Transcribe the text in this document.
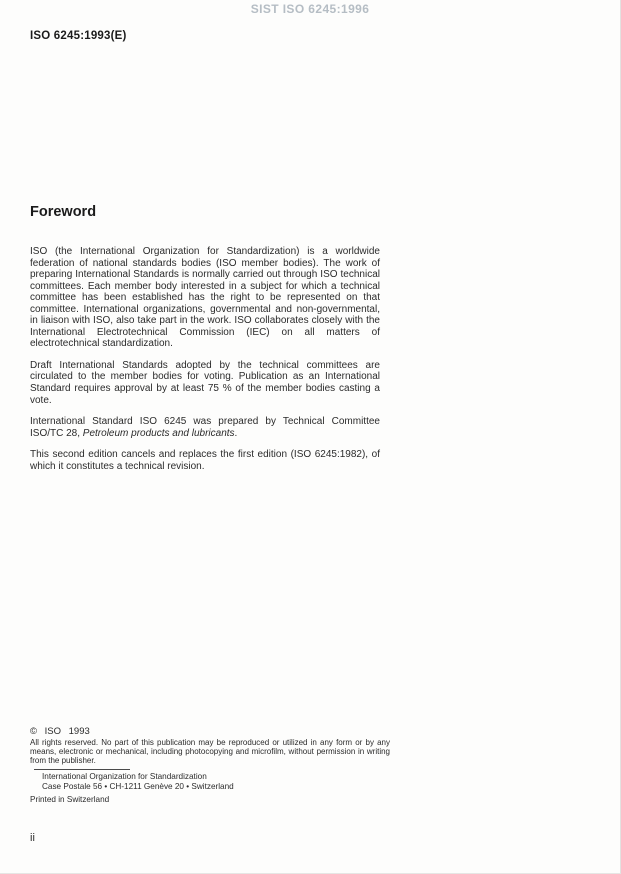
SIST ISO 6245:1996
ISO 6245:1993(E)
Foreword

ISO (the International Organization for Standardization) is a worldwide federation of national standards bodies (ISO member bodies). The work of preparing International Standards is normally carried out through ISO technical committees. Each member body interested in a subject for which a technical committee has been established has the right to be represented on that committee. International organizations, governmental and non-governmental, in liaison with ISO, also take part in the work. ISO collaborates closely with the International Electrotechnical Commission (IEC) on all matters of electrotechnical standardization.

Draft International Standards adopted by the technical committees are circulated to the member bodies for voting. Publication as an International Standard requires approval by at least 75 % of the member bodies casting a vote.

International Standard ISO 6245 was prepared by Technical Committee ISO/TC 28, Petroleum products and lubricants.

This second edition cancels and replaces the first edition (ISO 6245:1982), of which it constitutes a technical revision.

© ISO 1993
All rights reserved. No part of this publication may be reproduced or utilized in any form or by any means, electronic or mechanical, including photocopying and microfilm, without permission in writing from the publisher.
International Organization for Standardization
Case Postale 56 • CH-1211 Genève 20 • Switzerland
Printed in Switzerland
ii
